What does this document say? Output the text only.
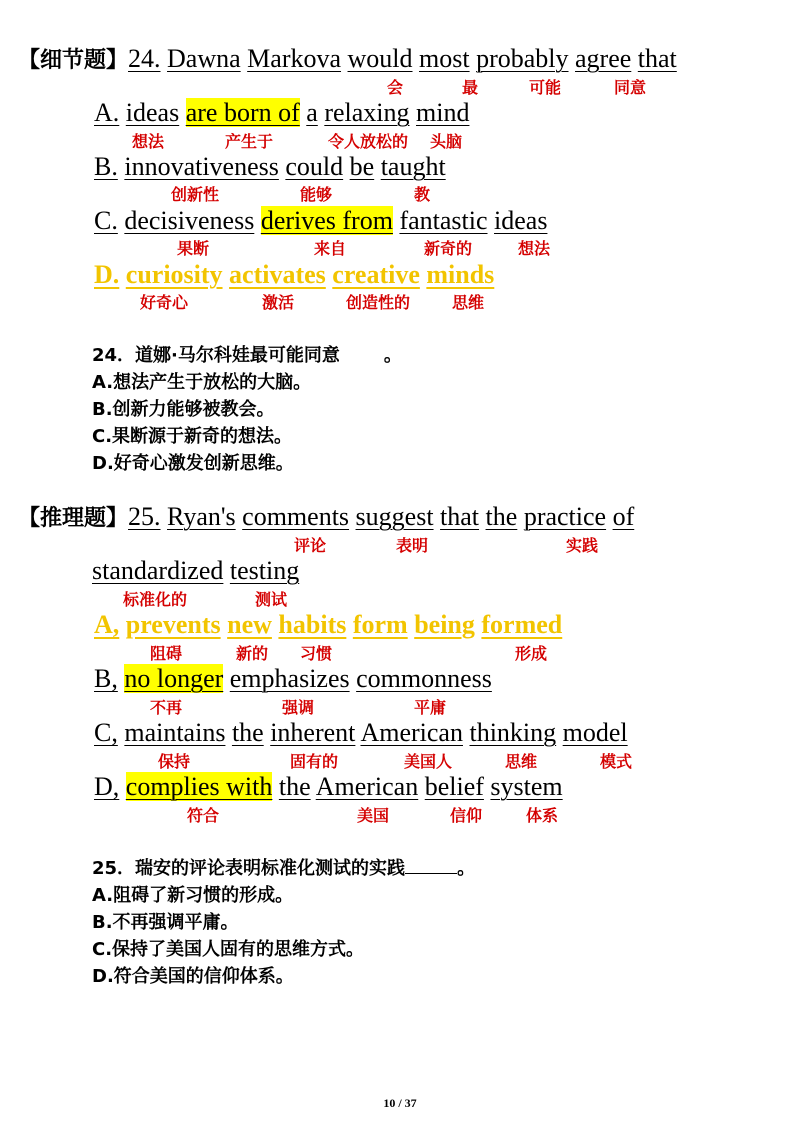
【细节题】24. Dawna Markova would most probably agree that
会	最	可能	同意
A. ideas are born of a relaxing mind
想法	产生于	令人放松的 头脑
B. innovativeness could be taught
创新性	能够	教
C. decisiveness derives from fantastic ideas
果断	来自	新奇的	想法
D. curiosity activates creative minds
好奇心	激活	创造性的	思维
24．道娜·马尔科娃最可能同意 。
A.想法产生于放松的大脑。
B.创新力能够被教会。
C.果断源于新奇的想法。
D.好奇心激发创新思维。
【推理题】25. Ryan's comments suggest that the practice of
评论	表明	实践
standardized testing
标准化的	测试
A, prevents new habits form being formed
阻碍	新的 习惯	形成
B, no longer emphasizes commonness
不再	强调	平庸
C, maintains the inherent American thinking model
保持	固有的	美国人	思维	模式
D, complies with the American belief system
符合	美国	信仰	体系
25．瑞安的评论表明标准化测试的实践	。
A.阻碍了新习惯的形成。
B.不再强调平庸。
C.保持了美国人固有的思维方式。
D.符合美国的信仰体系。
10 / 37
